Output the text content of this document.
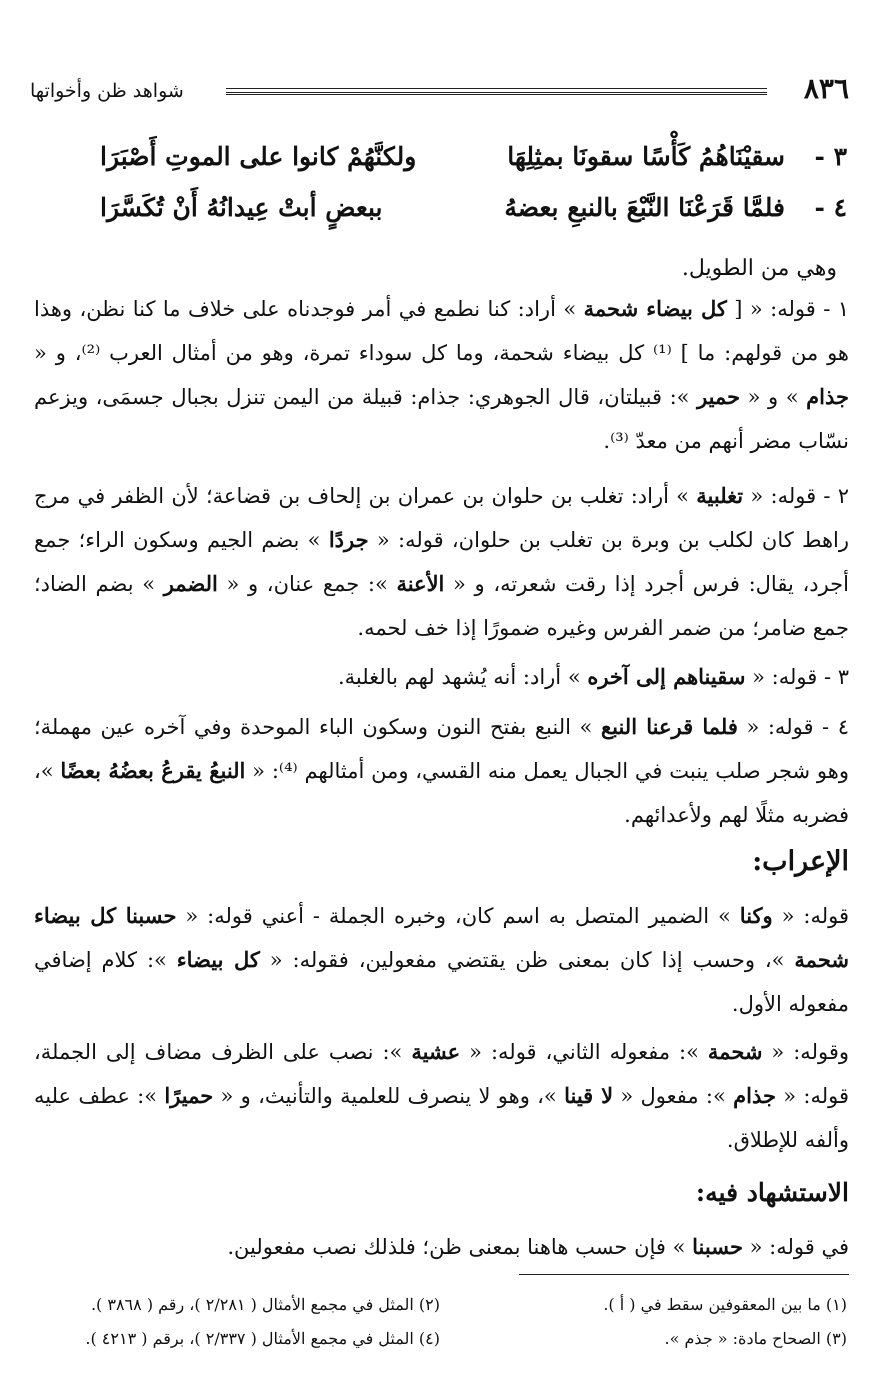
٨٣٦
شواهد ظن وأخواتها
٣ -
سقيْنَاهُمُ كَأْسًا سقونَا بمثِلِهَا
ولكنَّهُمْ كانوا على الموتِ أَصْبَرَا
٤ -
فلمَّا قَرَعْنَا النَّبْعَ بالنبعِ بعضهُ
ببعضٍ أبتْ عِيدانُهُ أَنْ تُكَسَّرَا
وهي من الطويل.
١ - قوله: « [ كل بيضاء شحمة » أراد: كنا نطمع في أمر فوجدناه على خلاف ما كنا نظن، وهذا هو من قولهم: ما ] ⁽¹⁾ كل بيضاء شحمة، وما كل سوداء تمرة، وهو من أمثال العرب ⁽²⁾، و « جذام » و « حمير »: قبيلتان، قال الجوهري: جذام: قبيلة من اليمن تنزل بجبال جسمَى، ويزعم نسّاب مضر أنهم من معدّ ⁽³⁾.
٢ - قوله: « تغلبية » أراد: تغلب بن حلوان بن عمران بن إلحاف بن قضاعة؛ لأن الظفر في مرج راهط كان لكلب بن وبرة بن تغلب بن حلوان، قوله: « جردًا » بضم الجيم وسكون الراء؛ جمع أجرد، يقال: فرس أجرد إذا رقت شعرته، و « الأعنة »: جمع عنان، و « الضمر » بضم الضاد؛ جمع ضامر؛ من ضمر الفرس وغيره ضمورًا إذا خف لحمه.
٣ - قوله: « سقيناهم إلى آخره » أراد: أنه يُشهد لهم بالغلبة.
٤ - قوله: « فلما قرعنا النبع » النبع بفتح النون وسكون الباء الموحدة وفي آخره عين مهملة؛ وهو شجر صلب ينبت في الجبال يعمل منه القسي، ومن أمثالهم ⁽⁴⁾: « النبعُ يقرعُ بعضُهُ بعضًا »، فضربه مثلًا لهم ولأعدائهم.
الإعراب:
قوله: « وكنا » الضمير المتصل به اسم كان، وخبره الجملة - أعني قوله: « حسبنا كل بيضاء شحمة »، وحسب إذا كان بمعنى ظن يقتضي مفعولين، فقوله: « كل بيضاء »: كلام إضافي مفعوله الأول.
وقوله: « شحمة »: مفعوله الثاني، قوله: « عشية »: نصب على الظرف مضاف إلى الجملة، قوله: « جذام »: مفعول « لا قينا »، وهو لا ينصرف للعلمية والتأنيث، و « حميرًا »: عطف عليه وألفه للإطلاق.
الاستشهاد فيه:
في قوله: « حسبنا » فإن حسب هاهنا بمعنى ظن؛ فلذلك نصب مفعولين.
(١) ما بين المعقوفين سقط في ( أ ).
(٢) المثل في مجمع الأمثال ( ٢/٢٨١ )، رقم ( ٣٨٦٨ ).
(٣) الصحاح مادة: « جذم ».
(٤) المثل في مجمع الأمثال ( ٢/٣٣٧ )، برقم ( ٤٢١٣ ).
